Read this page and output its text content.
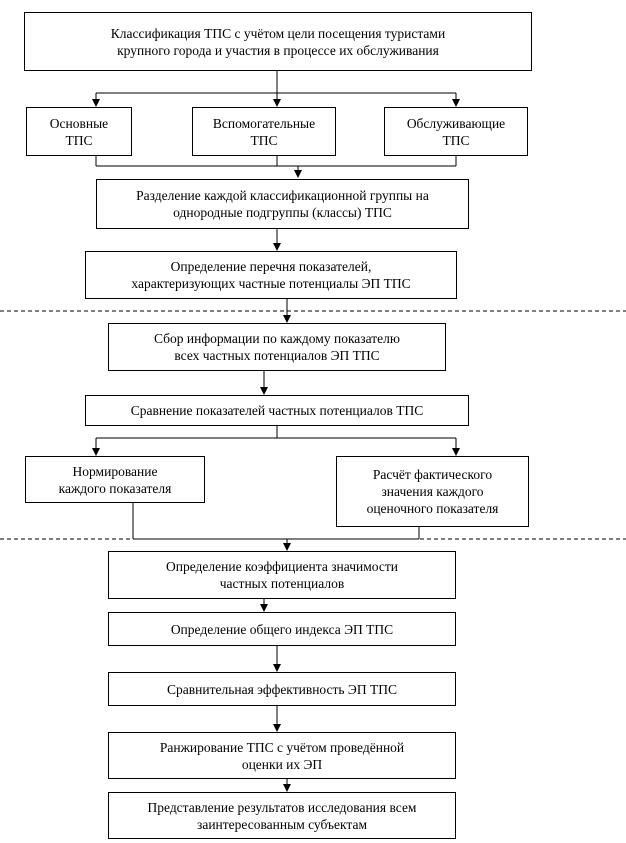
Классификация ТПС с учётом цели посещения туристами
крупного города и участия в процессе их обслуживания
Основные
ТПС
Вспомогательные
ТПС
Обслуживающие
ТПС
Разделение каждой классификационной группы на
однородные подгруппы (классы) ТПС
Определение перечня показателей,
характеризующих частные потенциалы ЭП ТПС
Сбор информации по каждому показателю
всех частных потенциалов ЭП ТПС
Сравнение показателей частных потенциалов ТПС
Нормирование
каждого показателя
Расчёт фактического
значения каждого
оценочного показателя
Определение коэффициента значимости
частных потенциалов
Определение общего индекса ЭП ТПС
Сравнительная эффективность ЭП ТПС
Ранжирование ТПС с учётом проведённой
оценки их ЭП
Представление результатов исследования всем
заинтересованным субъектам
